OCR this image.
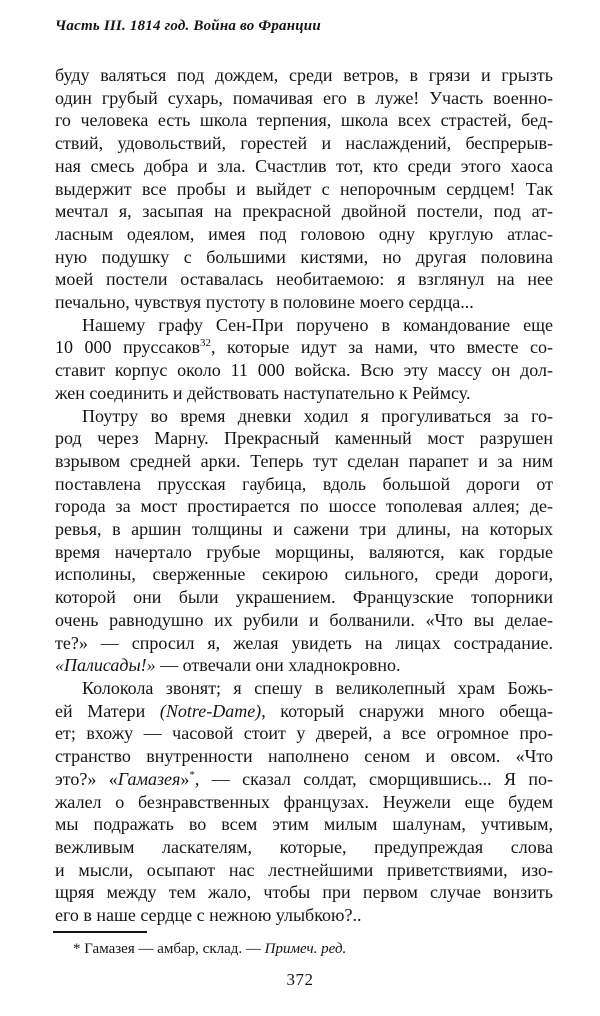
Часть III. 1814 год. Война во Франции
буду валяться под дождем, среди ветров, в грязи и грызть
один грубый сухарь, помачивая его в луже! Участь военно-
го человека есть школа терпения, школа всех страстей, бед-
ствий, удовольствий, горестей и наслаждений, беспрерыв-
ная смесь добра и зла. Счастлив тот, кто среди этого хаоса
выдержит все пробы и выйдет с непорочным сердцем! Так
мечтал я, засыпая на прекрасной двойной постели, под ат-
ласным одеялом, имея под головою одну круглую атлас-
ную подушку с большими кистями, но другая половина
моей постели оставалась необитаемою: я взглянул на нее
печально, чувствуя пустоту в половине моего сердца...
Нашему графу Сен-При поручено в командование еще
10 000 пруссаков$^{32}$, которые идут за нами, что вместе со-
ставит корпус около 11 000 войска. Всю эту массу он дол-
жен соединить и действовать наступательно к Реймсу.
Поутру во время дневки ходил я прогуливаться за го-
род через Марну. Прекрасный каменный мост разрушен
взрывом средней арки. Теперь тут сделан парапет и за ним
поставлена прусская гаубица, вдоль большой дороги от
города за мост простирается по шоссе тополевая аллея; де-
ревья, в аршин толщины и сажени три длины, на которых
время начертало грубые морщины, валяются, как гордые
исполины, сверженные секирою сильного, среди дороги,
которой они были украшением. Французские топорники
очень равнодушно их рубили и болванили. «Что вы делае-
те?» — спросил я, желая увидеть на лицах сострадание.
«Палисады!» — отвечали они хладнокровно.
Колокола звонят; я спешу в великолепный храм Божь-
ей Матери (Notre-Dame), который снаружи много обеща-
ет; вхожу — часовой стоит у дверей, а все огромное про-
странство внутренности наполнено сеном и овсом. «Что
это?» «Гамазея»*, — сказал солдат, сморщившись... Я по-
жалел о безнравственных французах. Неужели еще будем
мы подражать во всем этим милым шалунам, учтивым,
вежливым ласкателям, которые, предупреждая слова
и мысли, осыпают нас лестнейшими приветствиями, изо-
щряя между тем жало, чтобы при первом случае вонзить
его в наше сердце с нежною улыбкою?..
* Гамазея — амбар, склад. — Примеч. ред.
372
